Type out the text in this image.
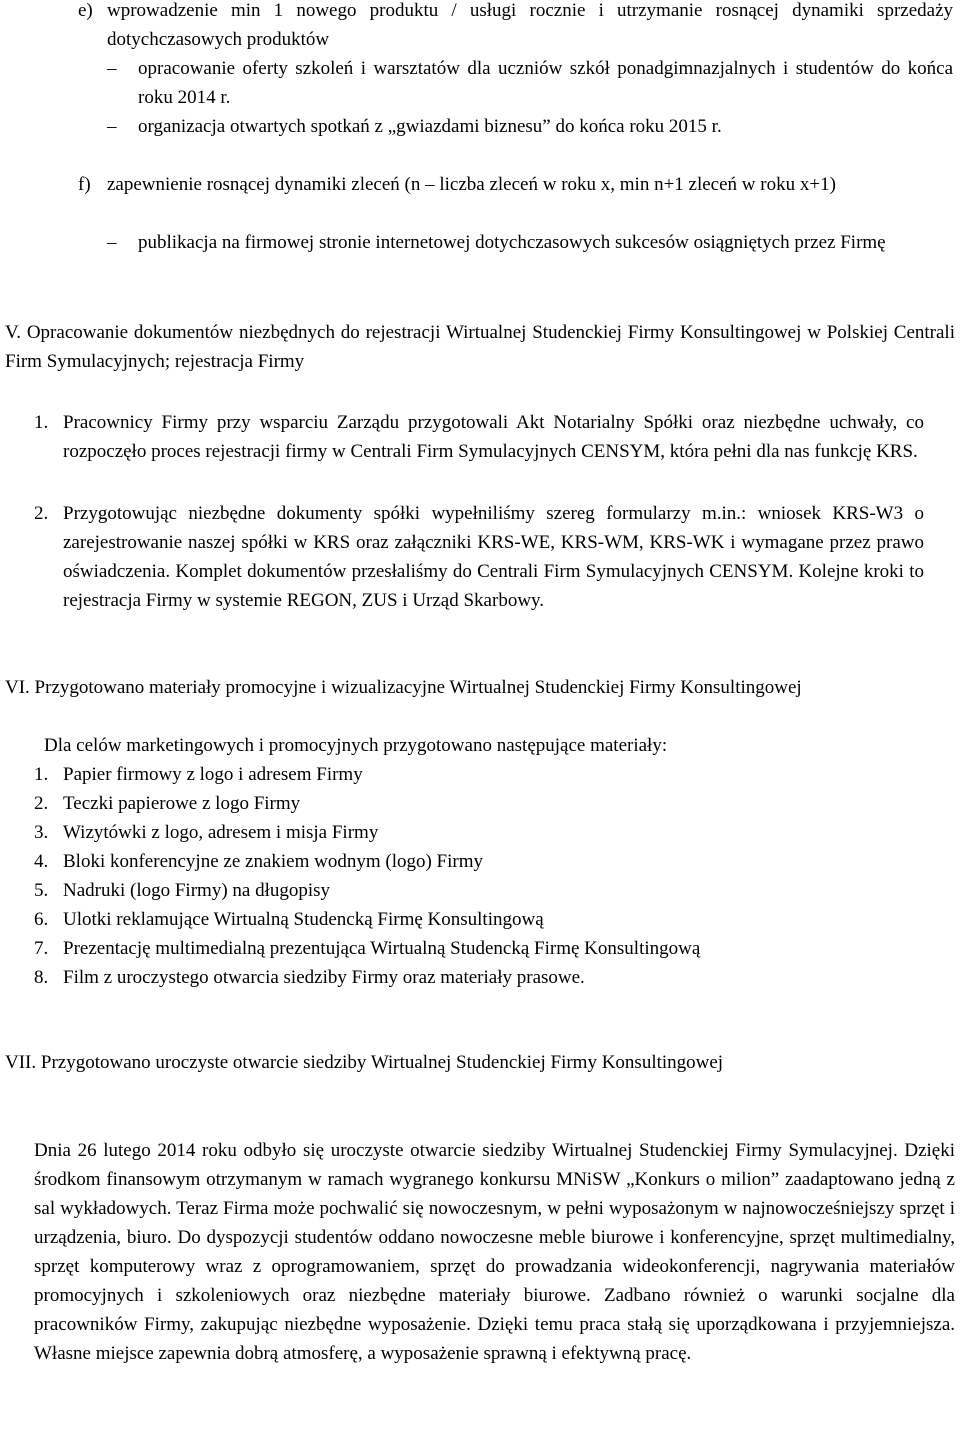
e) wprowadzenie min 1 nowego produktu / usługi rocznie i utrzymanie rosnącej dynamiki sprzedaży dotychczasowych produktów
– opracowanie oferty szkoleń i warsztatów dla uczniów szkół ponadgimnazjalnych i studentów do końca roku 2014 r.
– organizacja otwartych spotkań z „gwiazdami biznesu” do końca roku 2015 r.
f) zapewnienie rosnącej dynamiki zleceń (n – liczba zleceń w roku x, min n+1 zleceń w roku x+1)
– publikacja na firmowej stronie internetowej dotychczasowych sukcesów osiągniętych przez Firmę
V. Opracowanie dokumentów niezbędnych do rejestracji Wirtualnej Studenckiej Firmy Konsultingowej w Polskiej Centrali Firm Symulacyjnych; rejestracja Firmy
1. Pracownicy Firmy przy wsparciu Zarządu przygotowali Akt Notarialny Spółki oraz niezbędne uchwały, co rozpoczęło proces rejestracji firmy w Centrali Firm Symulacyjnych CENSYM, która pełni dla nas funkcję KRS.
2. Przygotowując niezbędne dokumenty spółki wypełniliśmy szereg formularzy m.in.: wniosek KRS-W3 o zarejestrowanie naszej spółki w KRS oraz załączniki KRS-WE, KRS-WM, KRS-WK i wymagane przez prawo oświadczenia. Komplet dokumentów przesłaliśmy do Centrali Firm Symulacyjnych CENSYM. Kolejne kroki to rejestracja Firmy w systemie REGON, ZUS i Urząd Skarbowy.
VI. Przygotowano materiały promocyjne i wizualizacyjne Wirtualnej Studenckiej Firmy Konsultingowej
Dla celów marketingowych i promocyjnych przygotowano następujące materiały:
1. Papier firmowy z logo i adresem Firmy
2. Teczki papierowe z logo Firmy
3. Wizytówki z logo, adresem i misja Firmy
4. Bloki konferencyjne ze znakiem wodnym (logo) Firmy
5. Nadruki (logo Firmy) na długopisy
6. Ulotki reklamujące Wirtualną Studencką Firmę Konsultingową
7. Prezentację multimedialną prezentująca Wirtualną Studencką Firmę Konsultingową
8. Film z uroczystego otwarcia siedziby Firmy oraz materiały prasowe.
VII. Przygotowano uroczyste otwarcie siedziby Wirtualnej Studenckiej Firmy Konsultingowej
Dnia 26 lutego 2014 roku odbyło się uroczyste otwarcie siedziby Wirtualnej Studenckiej Firmy Symulacyjnej. Dzięki środkom finansowym otrzymanym w ramach wygranego konkursu MNiSW „Konkurs o milion” zaadaptowano jedną z sal wykładowych. Teraz Firma może pochwalić się nowoczesnym, w pełni wyposażonym w najnowocześniejszy sprzęt i urządzenia, biuro. Do dyspozycji studentów oddano nowoczesne meble biurowe i konferencyjne, sprzęt multimedialny, sprzęt komputerowy wraz z oprogramowaniem, sprzęt do prowadzania wideokonferencji, nagrywania materiałów promocyjnych i szkoleniowych oraz niezbędne materiały biurowe. Zadbano również o warunki socjalne dla pracowników Firmy, zakupując niezbędne wyposażenie. Dzięki temu praca stałą się uporządkowana i przyjemniejsza. Własne miejsce zapewnia dobrą atmosferę, a wyposażenie sprawną i efektywną pracę.
